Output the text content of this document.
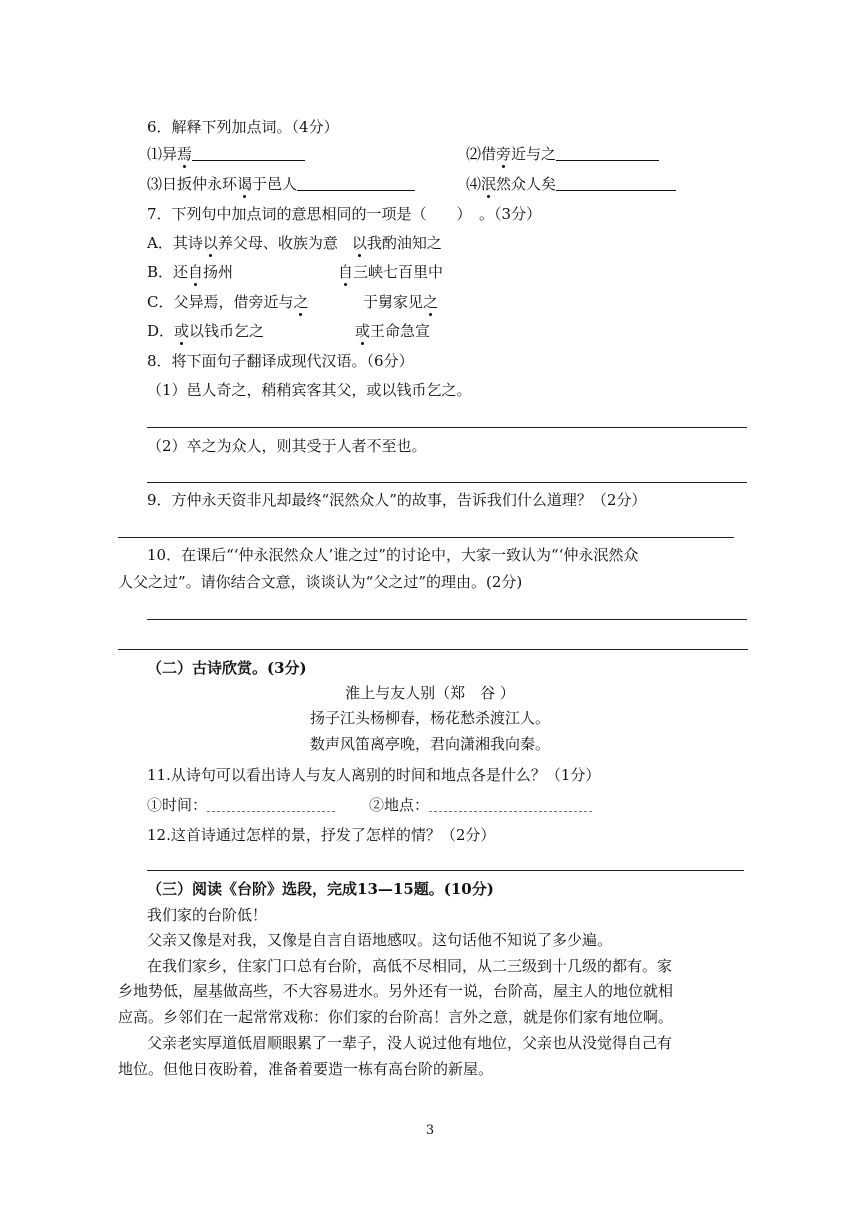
6．解释下列加点词。（4分）
⑴异焉	⑵借旁近与之
⑶日扳仲永环谒于邑人	⑷泯然众人矣
7．下列句中加点词的意思相同的一项是（　　）　。（3分）
A．其诗以养父母、收族为意 以我酌油知之
B．还自扬州	自三峡七百里中
C．父异焉，借旁近与之	于舅家见之
D．或以钱币乞之	或王命急宣
8．将下面句子翻译成现代汉语。（6分）
（1）邑人奇之，稍稍宾客其父，或以钱币乞之。
（2）卒之为众人，则其受于人者不至也。
9．方仲永天资非凡却最终“泯然众人”的故事，告诉我们什么道理？（2分）
10．在课后“‘仲永泯然众人’谁之过”的讨论中，大家一致认为“‘仲永泯然众
人父之过”。请你结合文意，谈谈认为“父之过”的理由。(2分)
（二）古诗欣赏。(3分)
淮上与友人别（郑　谷 ）
扬子江头杨柳春，杨花愁杀渡江人。
数声风笛离亭晚，君向潇湘我向秦。
11.从诗句可以看出诗人与友人离别的时间和地点各是什么？（1分）
①时间：	②地点：
12.这首诗通过怎样的景，抒发了怎样的情？（2分）
（三）阅读《台阶》选段，完成13—15题。(10分)
我们家的台阶低！
父亲又像是对我，又像是自言自语地感叹。这句话他不知说了多少遍。
在我们家乡，住家门口总有台阶，高低不尽相同，从二三级到十几级的都有。家
乡地势低，屋基做高些，不大容易进水。另外还有一说，台阶高，屋主人的地位就相
应高。乡邻们在一起常常戏称：你们家的台阶高！言外之意，就是你们家有地位啊。
父亲老实厚道低眉顺眼累了一辈子，没人说过他有地位，父亲也从没觉得自己有
地位。但他日夜盼着，准备着要造一栋有高台阶的新屋。
3
